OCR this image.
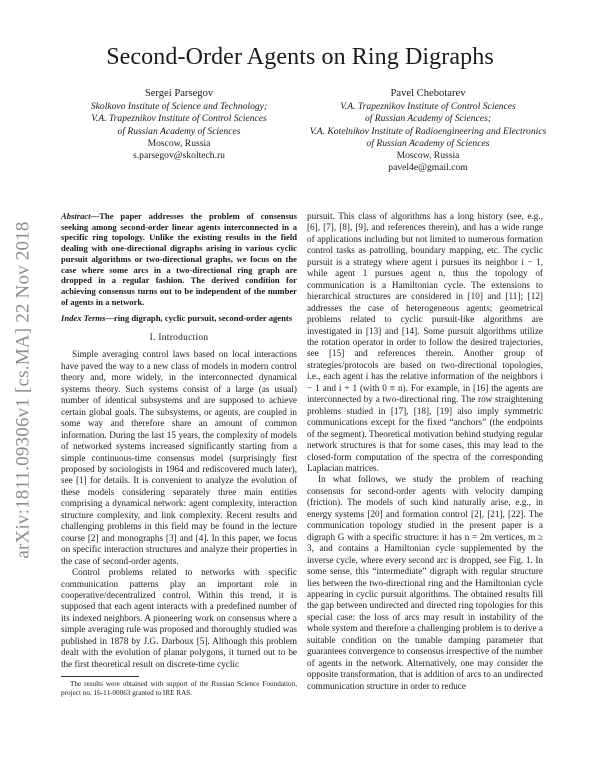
arXiv:1811.09306v1 [cs.MA] 22 Nov 2018
Second-Order Agents on Ring Digraphs
Sergei Parsegov
Skolkovo Institute of Science and Technology;
V.A. Trapeznikov Institute of Control Sciences
of Russian Academy of Sciences
Moscow, Russia
s.parsegov@skoltech.ru
Pavel Chebotarev
V.A. Trapeznikov Institute of Control Sciences
of Russian Academy of Sciences;
V.A. Kotelnikov Institute of Radioengineering and Electronics
of Russian Academy of Sciences
Moscow, Russia
pavel4e@gmail.com

Abstract—The paper addresses the problem of consensus seeking among second-order linear agents interconnected in a specific ring topology. Unlike the existing results in the field dealing with one-directional digraphs arising in various cyclic pursuit algorithms or two-directional graphs, we focus on the case where some arcs in a two-directional ring graph are dropped in a regular fashion. The derived condition for achieving consensus turns out to be independent of the number of agents in a network.

Index Terms—ring digraph, cyclic pursuit, second-order agents

I. Introduction

Simple averaging control laws based on local interactions have paved the way to a new class of models in modern control theory and, more widely, in the interconnected dynamical systems theory. Such systems consist of a large (as usual) number of identical subsystems and are supposed to achieve certain global goals. The subsystems, or agents, are coupled in some way and therefore share an amount of common information. During the last 15 years, the complexity of models of networked systems increased significantly starting from a simple continuous-time consensus model (surprisingly first proposed by sociologists in 1964 and rediscovered much later), see [1] for details. It is convenient to analyze the evolution of these models considering separately three main entities comprising a dynamical network: agent complexity, interaction structure complexity, and link complexity. Recent results and challenging problems in this field may be found in the lecture course [2] and monographs [3] and [4]. In this paper, we focus on specific interaction structures and analyze their properties in the case of second-order agents.

Control problems related to networks with specific communication patterns play an important role in cooperative/decentralized control. Within this trend, it is supposed that each agent interacts with a predefined number of its indexed neighbors. A pioneering work on consensus where a simple averaging rule was proposed and thoroughly studied was published in 1878 by J.G. Darboux [5]. Although this problem dealt with the evolution of planar polygons, it turned out to be the first theoretical result on discrete-time cyclic

The results were obtained with support of the Russian Science Foundation, project no. 16-11-00063 granted to IRE RAS.

pursuit. This class of algorithms has a long history (see, e.g., [6], [7], [8], [9], and references therein), and has a wide range of applications including but not limited to numerous formation control tasks as patrolling, boundary mapping, etc. The cyclic pursuit is a strategy where agent i pursues its neighbor i − 1, while agent 1 pursues agent n, thus the topology of communication is a Hamiltonian cycle. The extensions to hierarchical structures are considered in [10] and [11]; [12] addresses the case of heterogeneous agents; geometrical problems related to cyclic pursuit-like algorithms are investigated in [13] and [14]. Some pursuit algorithms utilize the rotation operator in order to follow the desired trajectories, see [15] and references therein. Another group of strategies/protocols are based on two-directional topologies, i.e., each agent i has the relative information of the neighbors i − 1 and i + 1 (with 0 ≡ n). For example, in [16] the agents are interconnected by a two-directional ring. The row straightening problems studied in [17], [18], [19] also imply symmetric communications except for the fixed “anchors” (the endpoints of the segment). Theoretical motivation behind studying regular network structures is that for some cases, this may lead to the closed-form computation of the spectra of the corresponding Laplacian matrices.

In what follows, we study the problem of reaching consensus for second-order agents with velocity damping (friction). The models of such kind naturally arise, e.g., in energy systems [20] and formation control [2], [21], [22]. The communication topology studied in the present paper is a digraph G with a specific structure: it has n = 2m vertices, m ≥ 3, and contains a Hamiltonian cycle supplemented by the inverse cycle, where every second arc is dropped, see Fig. 1. In some sense, this “intermediate” digraph with regular structure lies between the two-directional ring and the Hamiltonian cycle appearing in cyclic pursuit algorithms. The obtained results fill the gap between undirected and directed ring topologies for this special case: the loss of arcs may result in instability of the whole system and therefore a challenging problem is to derive a suitable condition on the tunable damping parameter that guarantees convergence to consensus irrespective of the number of agents in the network. Alternatively, one may consider the opposite transformation, that is addition of arcs to an undirected communication structure in order to reduce
